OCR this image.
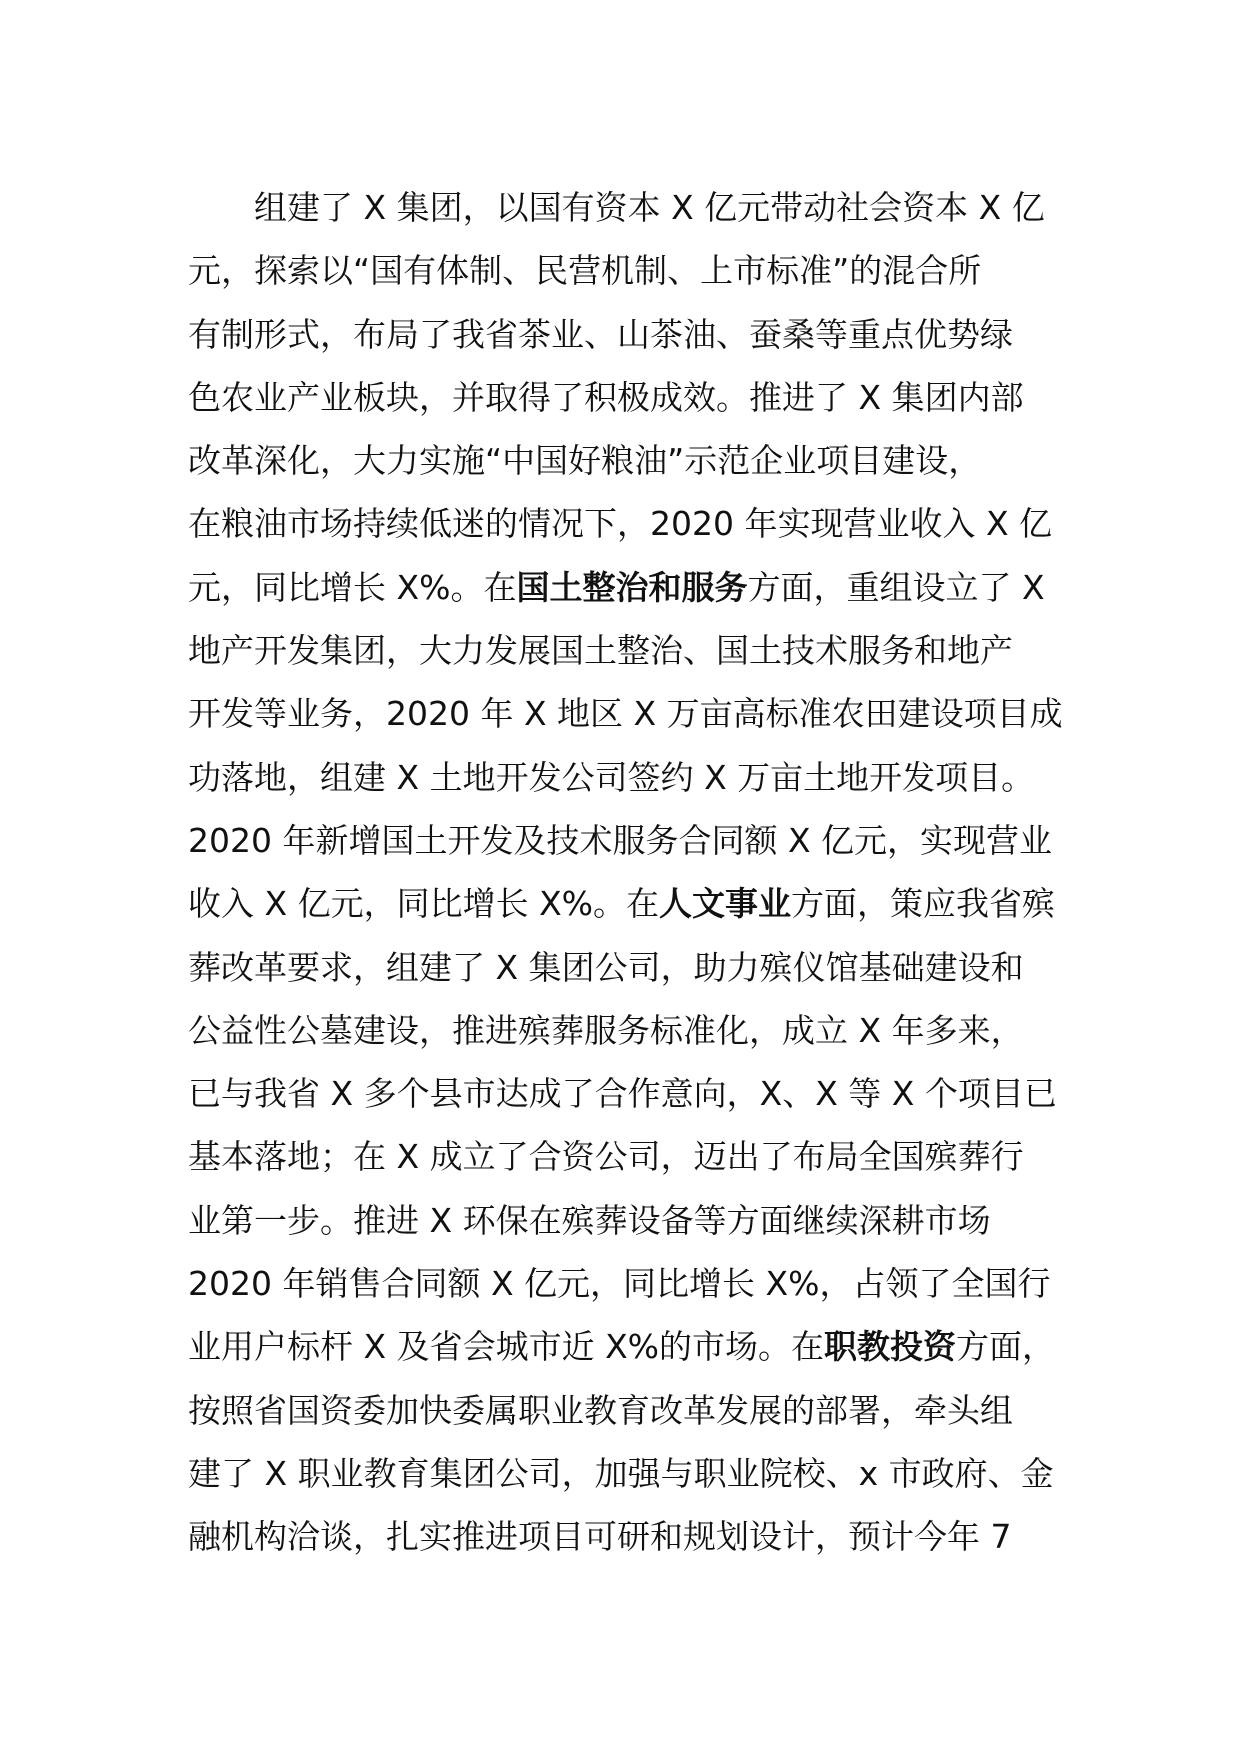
组建了 X 集团，以国有资本 X 亿元带动社会资本 X 亿
元，探索以“国有体制、民营机制、上市标准”的混合所
有制形式，布局了我省茶业、山茶油、蚕桑等重点优势绿
色农业产业板块，并取得了积极成效。推进了 X 集团内部
改革深化，大力实施“中国好粮油”示范企业项目建设，
在粮油市场持续低迷的情况下，2020 年实现营业收入 X 亿
元，同比增长 X%。在国土整治和服务方面，重组设立了 X
地产开发集团，大力发展国土整治、国土技术服务和地产
开发等业务，2020 年 X 地区 X 万亩高标准农田建设项目成
功落地，组建 X 土地开发公司签约 X 万亩土地开发项目。
2020 年新增国土开发及技术服务合同额 X 亿元，实现营业
收入 X 亿元，同比增长 X%。在人文事业方面，策应我省殡
葬改革要求，组建了 X 集团公司，助力殡仪馆基础建设和
公益性公墓建设，推进殡葬服务标准化，成立 X 年多来，
已与我省 X 多个县市达成了合作意向，X、X 等 X 个项目已
基本落地；在 X 成立了合资公司，迈出了布局全国殡葬行
业第一步。推进 X 环保在殡葬设备等方面继续深耕市场
2020 年销售合同额 X 亿元，同比增长 X%，占领了全国行
业用户标杆 X 及省会城市近 X%的市场。在职教投资方面，
按照省国资委加快委属职业教育改革发展的部署，牵头组
建了 X 职业教育集团公司，加强与职业院校、x 市政府、金
融机构洽谈，扎实推进项目可研和规划设计，预计今年 7
